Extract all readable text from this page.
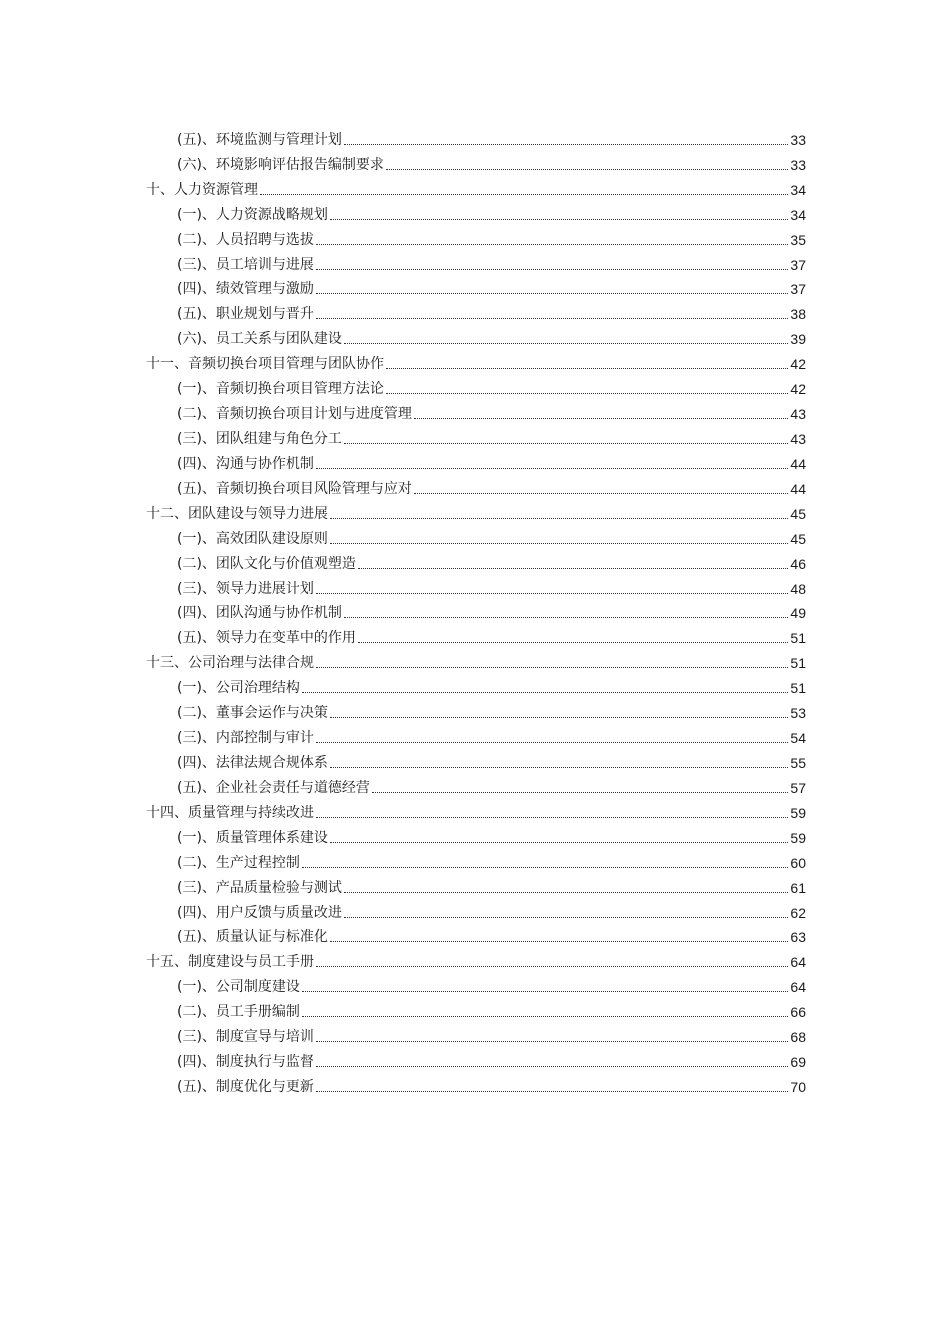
(五)、环境监测与管理计划	33
(六)、环境影响评估报告编制要求	33
十、人力资源管理	34
(一)、人力资源战略规划	34
(二)、人员招聘与选拔	35
(三)、员工培训与进展	37
(四)、绩效管理与激励	37
(五)、职业规划与晋升	38
(六)、员工关系与团队建设	39
十一、音频切换台项目管理与团队协作	42
(一)、音频切换台项目管理方法论	42
(二)、音频切换台项目计划与进度管理	43
(三)、团队组建与角色分工	43
(四)、沟通与协作机制	44
(五)、音频切换台项目风险管理与应对	44
十二、团队建设与领导力进展	45
(一)、高效团队建设原则	45
(二)、团队文化与价值观塑造	46
(三)、领导力进展计划	48
(四)、团队沟通与协作机制	49
(五)、领导力在变革中的作用	51
十三、公司治理与法律合规	51
(一)、公司治理结构	51
(二)、董事会运作与决策	53
(三)、内部控制与审计	54
(四)、法律法规合规体系	55
(五)、企业社会责任与道德经营	57
十四、质量管理与持续改进	59
(一)、质量管理体系建设	59
(二)、生产过程控制	60
(三)、产品质量检验与测试	61
(四)、用户反馈与质量改进	62
(五)、质量认证与标准化	63
十五、制度建设与员工手册	64
(一)、公司制度建设	64
(二)、员工手册编制	66
(三)、制度宣导与培训	68
(四)、制度执行与监督	69
(五)、制度优化与更新	70
